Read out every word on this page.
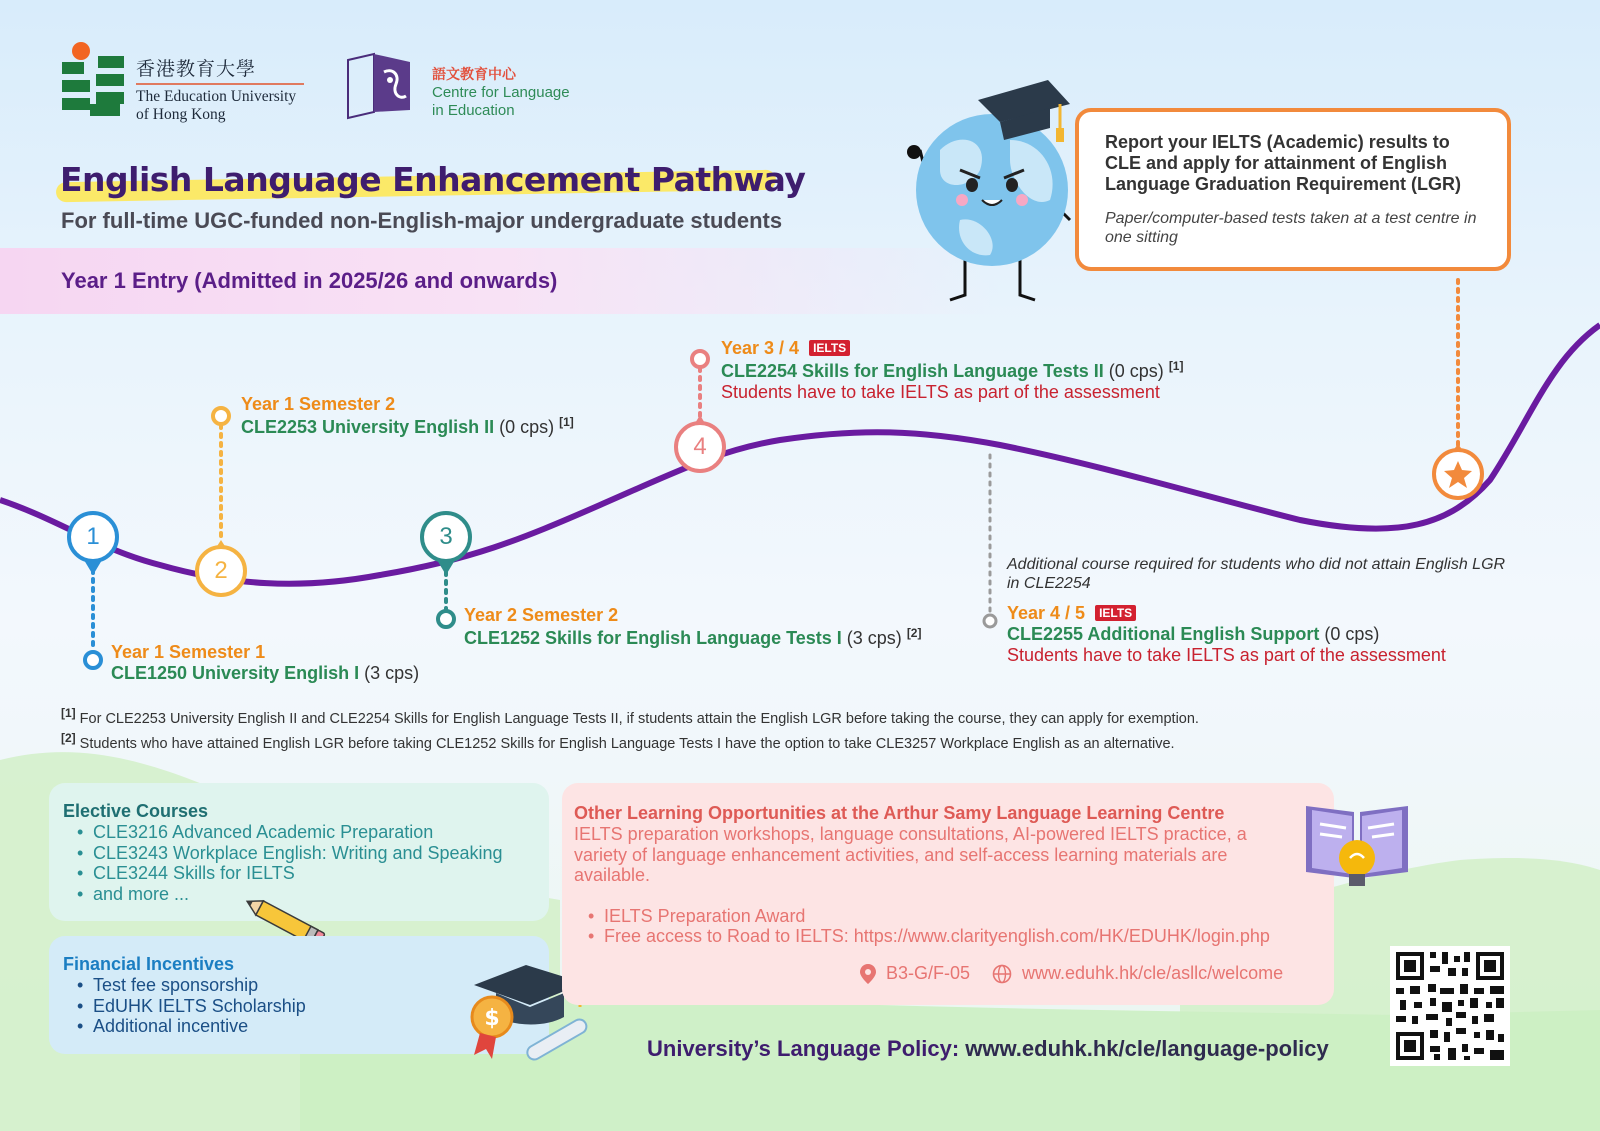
香港教育大學
The Education University
of Hong Kong
語文教育中心
Centre for Language
in Education
English Language Enhancement Pathway
For full-time UGC-funded non-English-major undergraduate students
Year 1 Entry (Admitted in 2025/26 and onwards)
Report your IELTS (Academic) results to CLE and apply for attainment of English Language Graduation Requirement (LGR)
Paper/computer-based tests taken at a test centre in one sitting
1
2
3
4
Year 1 Semester 1
CLE1250 University English I (3 cps)
Year 1 Semester 2
CLE2253 University English II (0 cps) [1]
Year 2 Semester 2
CLE1252 Skills for English Language Tests I (3 cps) [2]
Year 3 / 4 IELTS
CLE2254 Skills for English Language Tests II (0 cps) [1]
Students have to take IELTS as part of the assessment
Additional course required for students who did not attain English LGR in CLE2254
Year 4 / 5 IELTS
CLE2255 Additional English Support (0 cps)
Students have to take IELTS as part of the assessment
[1] For CLE2253 University English II and CLE2254 Skills for English Language Tests II, if students attain the English LGR before taking the course, they can apply for exemption.
[2] Students who have attained English LGR before taking CLE1252 Skills for English Language Tests I have the option to take CLE3257 Workplace English as an alternative.
Elective Courses
• CLE3216 Advanced Academic Preparation
• CLE3243 Workplace English: Writing and Speaking
• CLE3244 Skills for IELTS
• and more ...
Financial Incentives
• Test fee sponsorship
• EdUHK IELTS Scholarship
• Additional incentive	$
Other Learning Opportunities at the Arthur Samy Language Learning Centre

IELTS preparation workshops, language consultations, AI-powered IELTS practice, a variety of language enhancement activities, and self-access learning materials are available.

• IELTS Preparation Award
• Free access to Road to IELTS: https://www.clarityenglish.com/HK/EDUHK/login.php
B3-G/F-05	www.eduhk.hk/cle/asllc/welcome
University’s Language Policy: www.eduhk.hk/cle/language-policy
